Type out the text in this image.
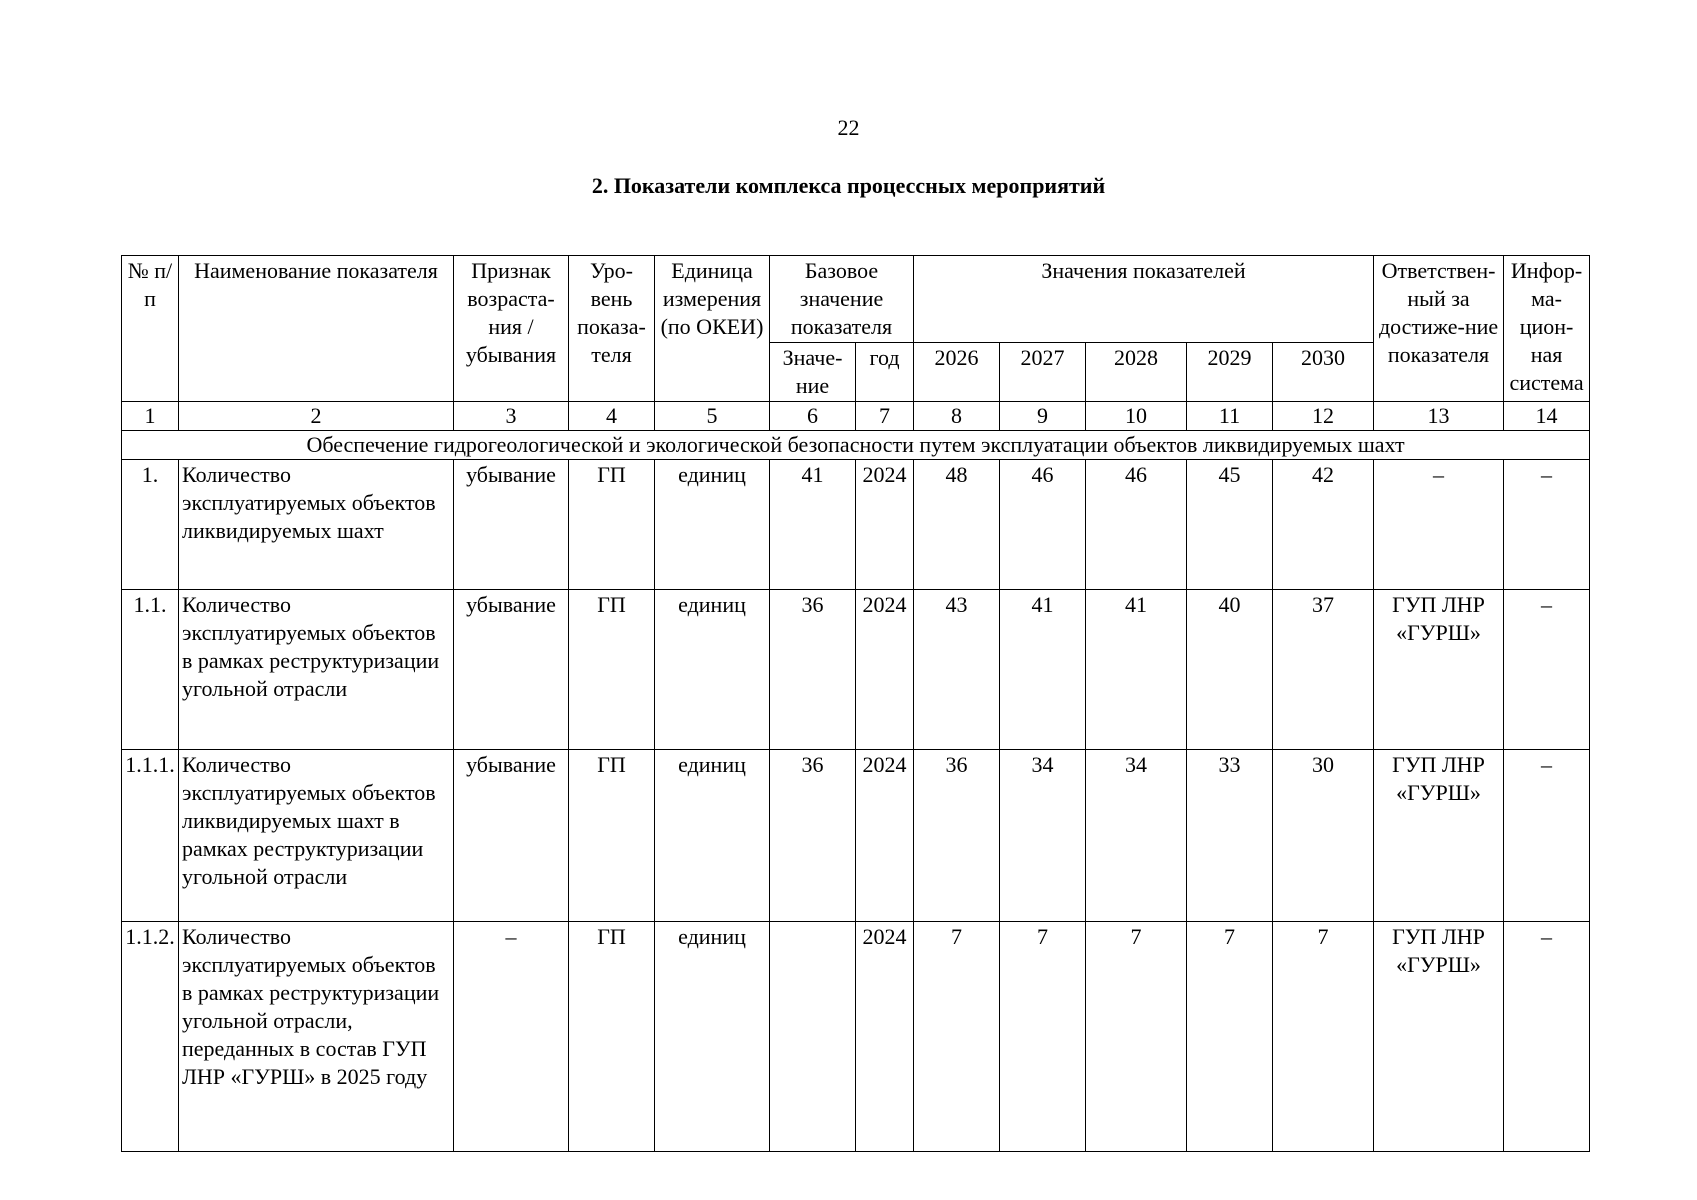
22
2. Показатели комплекса процессных мероприятий
№ п/п	Наименование показателя	Признак возраста-ния / убывания	Уро-вень показа-теля	Единица измерения (по ОКЕИ)	Базовое значение показателя		Значения показателей					Ответствен-ный за достиже-ние показателя	Инфор-ма-цион-ная система
					Значе-ние	год	2026	2027	2028	2029	2030		
1	2	3	4	5	6	7	8	9	10	11	12	13	14
Обеспечение гидрогеологической и экологической безопасности путем эксплуатации объектов ликвидируемых шахт													
1.	Количество эксплуатируемых объектов ликвидируемых шахт	убывание	ГП	единиц	41	2024	48	46	46	45	42	–	–
1.1.	Количество эксплуатируемых объектов в рамках реструктуризации угольной отрасли	убывание	ГП	единиц	36	2024	43	41	41	40	37	ГУП ЛНР «ГУРШ»	–
1.1.1.	Количество эксплуатируемых объектов ликвидируемых шахт в рамках реструктуризации угольной отрасли	убывание	ГП	единиц	36	2024	36	34	34	33	30	ГУП ЛНР «ГУРШ»	–
1.1.2.	Количество эксплуатируемых объектов в рамках реструктуризации угольной отрасли, переданных в состав ГУП ЛНР «ГУРШ» в 2025 году	–	ГП	единиц		2024	7	7	7	7	7	ГУП ЛНР «ГУРШ»	–
